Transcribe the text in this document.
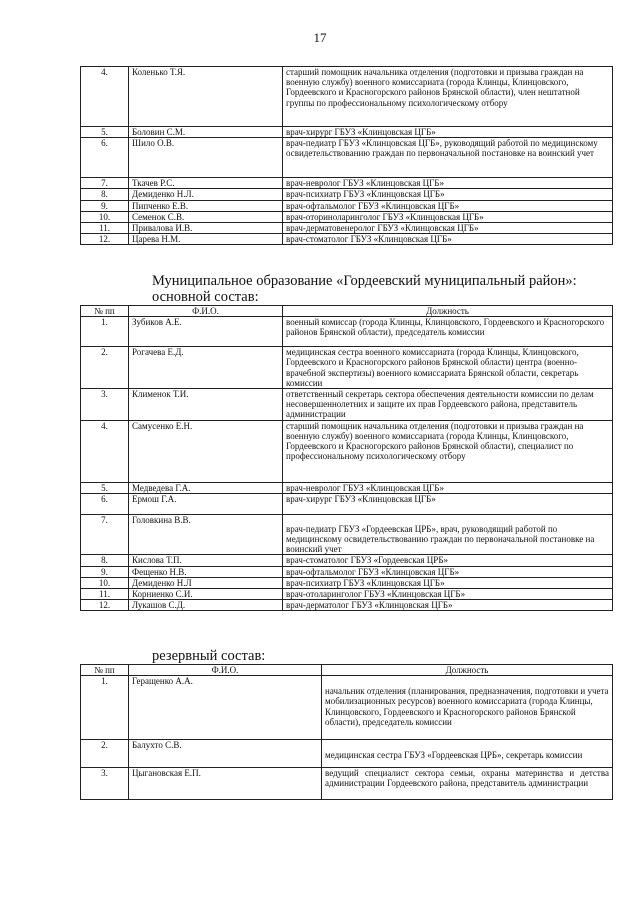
17
4.	Коленько Т.Я.	старший помощник начальника отделения (подготовки и призыва граждан на военную службу) военного комиссариата (города Клинцы, Клинцовского, Гордеевского и Красногорского районов Брянской области), член нештатной группы по профессиональному психологическому отбору
5.	Боловин С.М.	врач-хирург ГБУЗ «Клинцовская ЦГБ»
6.	Шило О.В.	врач-педиатр ГБУЗ «Клинцовская ЦГБ», руководящий работой по медицинскому освидетельствованию граждан по первоначальной постановке на воинский учет
7.	Ткачев Р.С.	врач-невролог ГБУЗ «Клинцовская ЦГБ»
8.	Демиденко Н.Л.	врач-психиатр ГБУЗ «Клинцовская ЦГБ»
9.	Пипченко Е.В.	врач-офтальмолог ГБУЗ «Клинцовская ЦГБ»
10.	Семенок С.В.	врач-оториноларинголог ГБУЗ «Клинцовская ЦГБ»
11.	Привалова И.В.	врач-дерматовенеролог ГБУЗ «Клинцовская ЦГБ»
12.	Царева Н.М.	врач-стоматолог ГБУЗ «Клинцовская ЦГБ»
Муниципальное образование «Гордеевский муниципальный район»:
основной состав:
№ пп	Ф.И.О.	Должность
1.	Зубиков А.Е.	военный комиссар (города Клинцы, Клинцовского, Гордеевского и Красногорского районов Брянской области), председатель комиссии
2.	Рогачева Е.Д.	медицинская сестра военного комиссариата (города Клинцы, Клинцовского, Гордеевского и Красногорского районов Брянской области) центра (военно-врачебной экспертизы) военного комиссариата Брянской области, секретарь комиссии
3.	Клименок Т.И.	ответственный секретарь сектора обеспечения деятельности комиссии по делам несовершеннолетних и защите их прав Гордеевского района, представитель администрации
4.	Самусенко Е.Н.	старший помощник начальника отделения (подготовки и призыва граждан на военную службу) военного комиссариата (города Клинцы, Клинцовского, Гордеевского и Красногорского районов Брянской области), специалист по профессиональному психологическому отбору
5.	Медведева Г.А.	врач-невролог ГБУЗ «Клинцовская ЦГБ»
6.	Ермош Г.А.	врач-хирург ГБУЗ «Клинцовская ЦГБ»
7.	Головкина В.В.	врач-педиатр ГБУЗ «Гордеевская ЦРБ», врач, руководящий работой по медицинскому освидетельствованию граждан по первоначальной постановке на воинский учет
8.	Кислова Т.П.	врач-стоматолог ГБУЗ «Гордеевская ЦРБ»
9.	Фещенко Н.В.	врач-офтальмолог ГБУЗ «Клинцовская ЦГБ»
10.	Демиденко Н.Л	врач-психиатр ГБУЗ «Клинцовская ЦГБ»
11.	Корниенко С.И.	врач-отоларинголог ГБУЗ «Клинцовская ЦГБ»
12.	Лукашов С.Д.	врач-дерматолог ГБУЗ «Клинцовская ЦГБ»
резервный состав:
№ пп	Ф.И.О.	Должность
1.	Геращенко А.А.	начальник отделения (планирования, предназначения, подготовки и учета мобилизационных ресурсов) военного комиссариата (города Клинцы, Клинцовского, Гордеевского и Красногорского районов Брянской области), председатель комиссии
2.	Балухто С.В.	медицинская сестра ГБУЗ «Гордеевская ЦРБ», секретарь комиссии
3.	Цыгановская Е.П.	ведущий специалист сектора семьи, охраны материнства и детства администрации Гордеевского района, представитель администрации
